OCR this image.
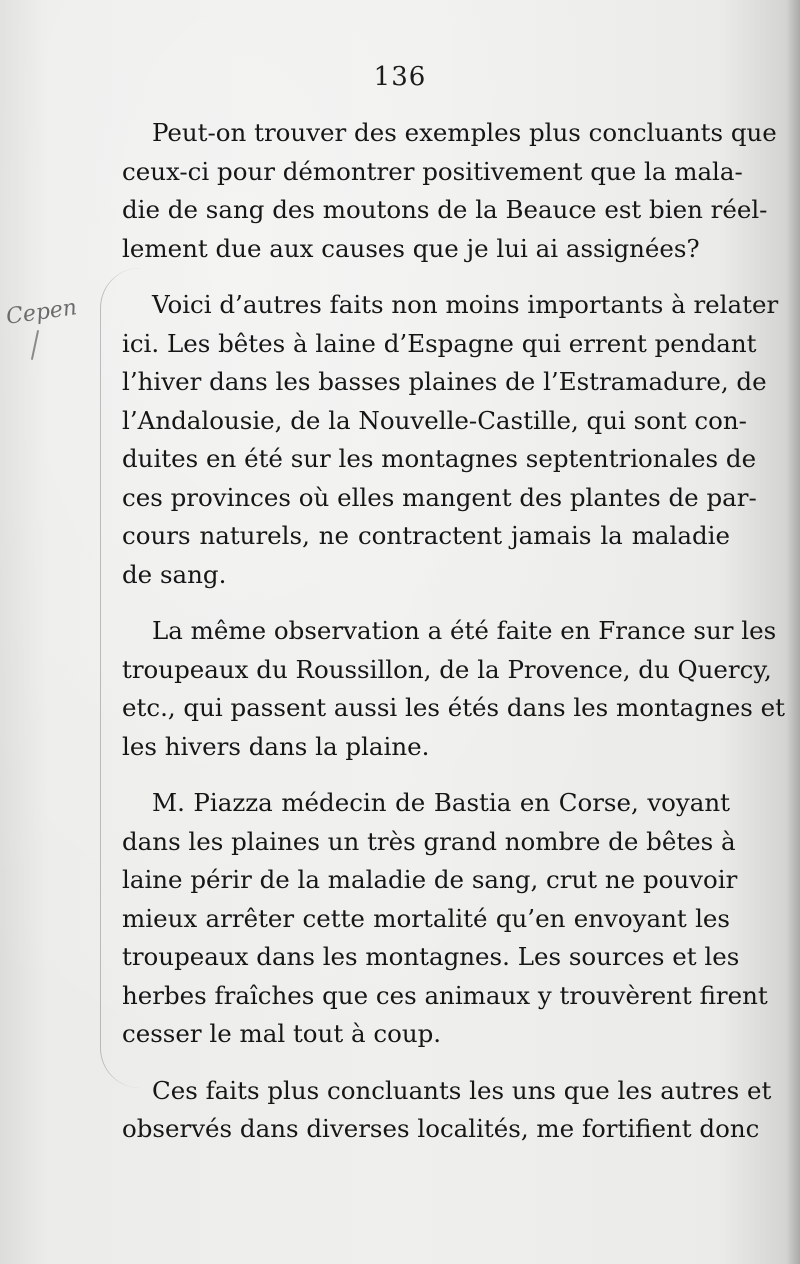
136
Cepen
Peut-on trouver des exemples plus concluants que
ceux-ci pour démontrer positivement que la mala-
die de sang des moutons de la Beauce est bien réel-
lement due aux causes que je lui ai assignées?
Voici d’autres faits non moins importants à relater
ici. Les bêtes à laine d’Espagne qui errent pendant
l’hiver dans les basses plaines de l’Estramadure, de
l’Andalousie, de la Nouvelle-Castille, qui sont con-
duites en été sur les montagnes septentrionales de
ces provinces où elles mangent des plantes de par-
cours naturels, ne contractent jamais la maladie
de sang.
La même observation a été faite en France sur les
troupeaux du Roussillon, de la Provence, du Quercy,
etc., qui passent aussi les étés dans les montagnes et
les hivers dans la plaine.
M. Piazza médecin de Bastia en Corse, voyant
dans les plaines un très grand nombre de bêtes à
laine périr de la maladie de sang, crut ne pouvoir
mieux arrêter cette mortalité qu’en envoyant les
troupeaux dans les montagnes. Les sources et les
herbes fraîches que ces animaux y trouvèrent firent
cesser le mal tout à coup.
Ces faits plus concluants les uns que les autres et
observés dans diverses localités, me fortifient donc
